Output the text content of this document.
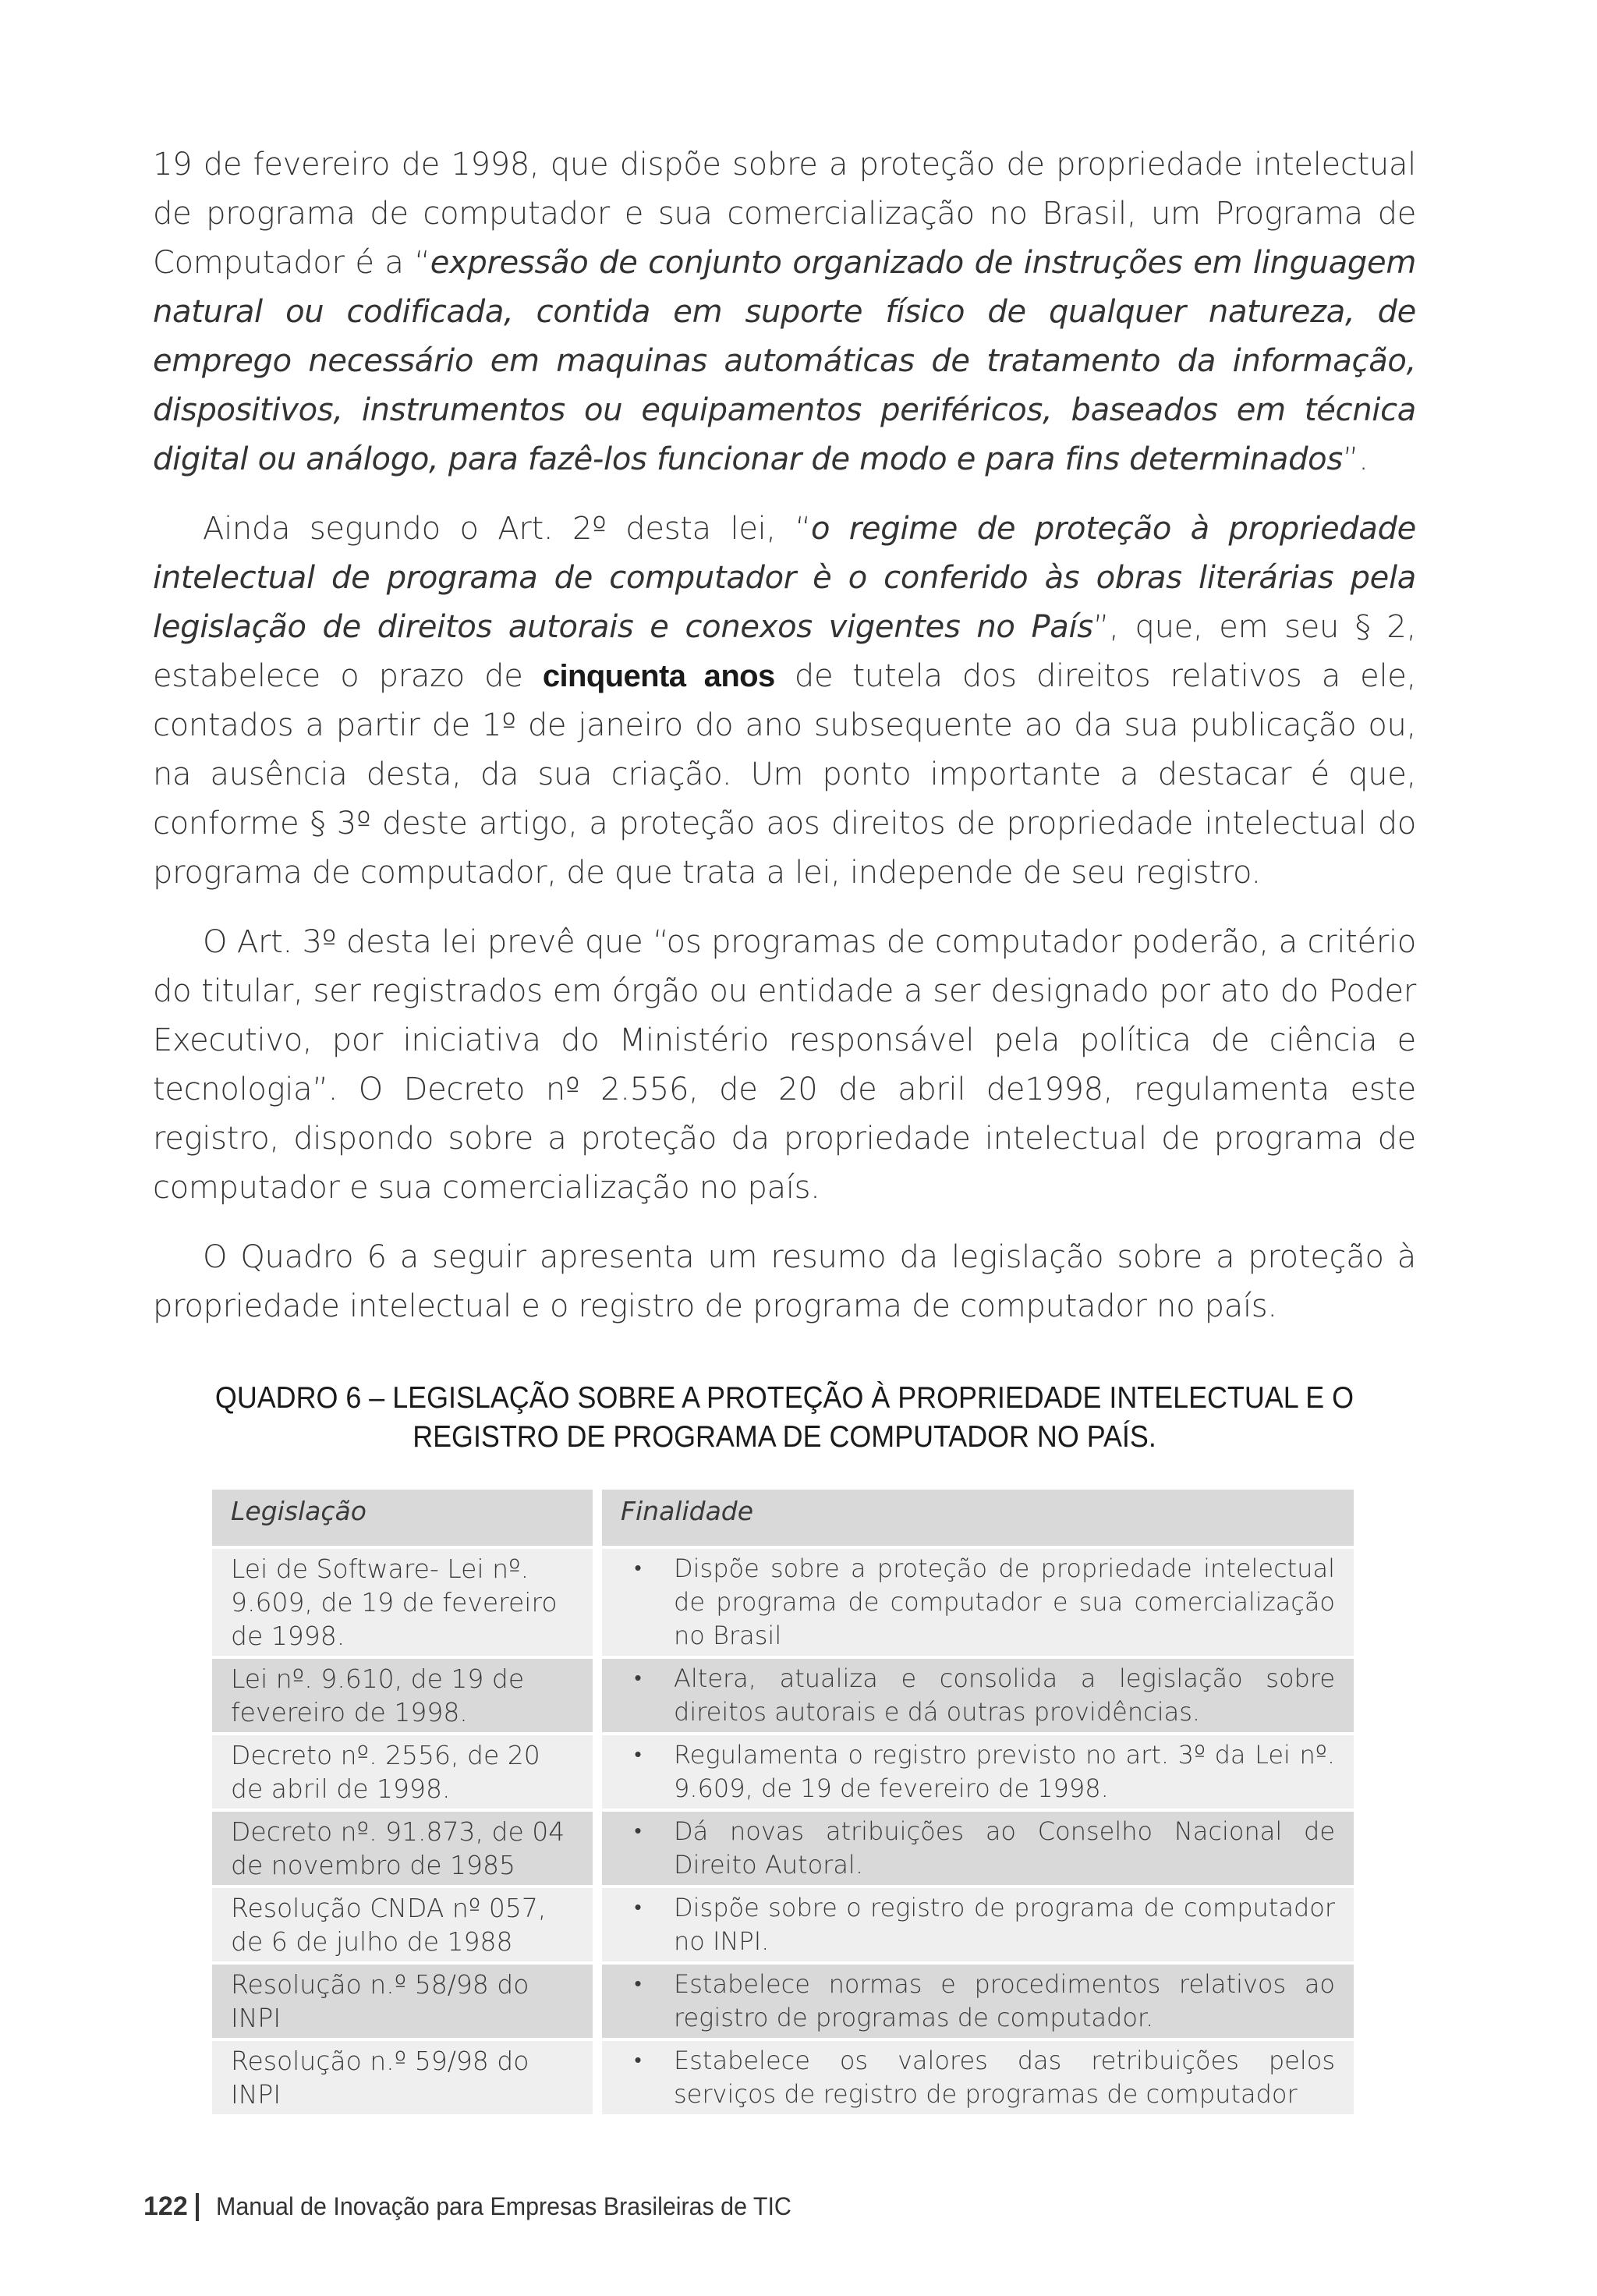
19 de fevereiro de 1998, que dispõe sobre a proteção de propriedade intelectual de programa de computador e sua comercialização no Brasil, um Programa de Computador é a “expressão de conjunto organizado de instruções em linguagem natural ou codificada, contida em suporte físico de qualquer natureza, de emprego necessário em maquinas automáticas de tratamento da informação, dispositivos, instrumentos ou equipamentos periféricos, baseados em técnica digital ou análogo, para fazê-los funcionar de modo e para fins determinados”.

Ainda segundo o Art. 2º desta lei, “o regime de proteção à propriedade intelectual de programa de computador è o conferido às obras literárias pela legislação de direitos autorais e conexos vigentes no País”, que, em seu § 2, estabelece o prazo de cinquenta anos de tutela dos direitos relativos a ele, contados a partir de 1º de janeiro do ano subsequente ao da sua publicação ou, na ausência desta, da sua criação. Um ponto importante a destacar é que, conforme § 3º deste artigo, a proteção aos direitos de propriedade intelectual do programa de computador, de que trata a lei, independe de seu registro.

O Art. 3º desta lei prevê que “os programas de computador poderão, a critério do titular, ser registrados em órgão ou entidade a ser designado por ato do Poder Executivo, por iniciativa do Ministério responsável pela política de ciência e tecnologia”. O Decreto nº 2.556, de 20 de abril de1998, regulamenta este registro, dispondo sobre a proteção da propriedade intelectual de programa de computador e sua comercialização no país.

O Quadro 6 a seguir apresenta um resumo da legislação sobre a proteção à propriedade intelectual e o registro de programa de computador no país.

QUADRO 6 – LEGISLAÇÃO SOBRE A PROTEÇÃO À PROPRIEDADE INTELECTUAL E O
REGISTRO DE PROGRAMA DE COMPUTADOR NO PAÍS.
Legislação	Finalidade
Lei de Software- Lei nº. 9.609, de 19 de fevereiro de 1998.	• Dispõe sobre a proteção de propriedade intelectual de programa de computador e sua comercialização no Brasil

Lei nº. 9.610, de 19 de fevereiro de 1998.	• Altera, atualiza e consolida a legislação sobre direitos autorais e dá outras providências.

Decreto nº. 2556, de 20 de abril de 1998.	• Regulamenta o registro previsto no art. 3º da Lei nº. 9.609, de 19 de fevereiro de 1998.

Decreto nº. 91.873, de 04 de novembro de 1985	• Dá novas atribuições ao Conselho Nacional de Direito Autoral.

Resolução CNDA nº 057, de 6 de julho de 1988	• Dispõe sobre o registro de programa de computador no INPI.

Resolução n.º 58/98 do INPI	• Estabelece normas e procedimentos relativos ao registro de programas de computador.

Resolução n.º 59/98 do INPI	• Estabelece os valores das retribuições pelos serviços de registro de programas de computador
122 Manual de Inovação para Empresas Brasileiras de TIC
